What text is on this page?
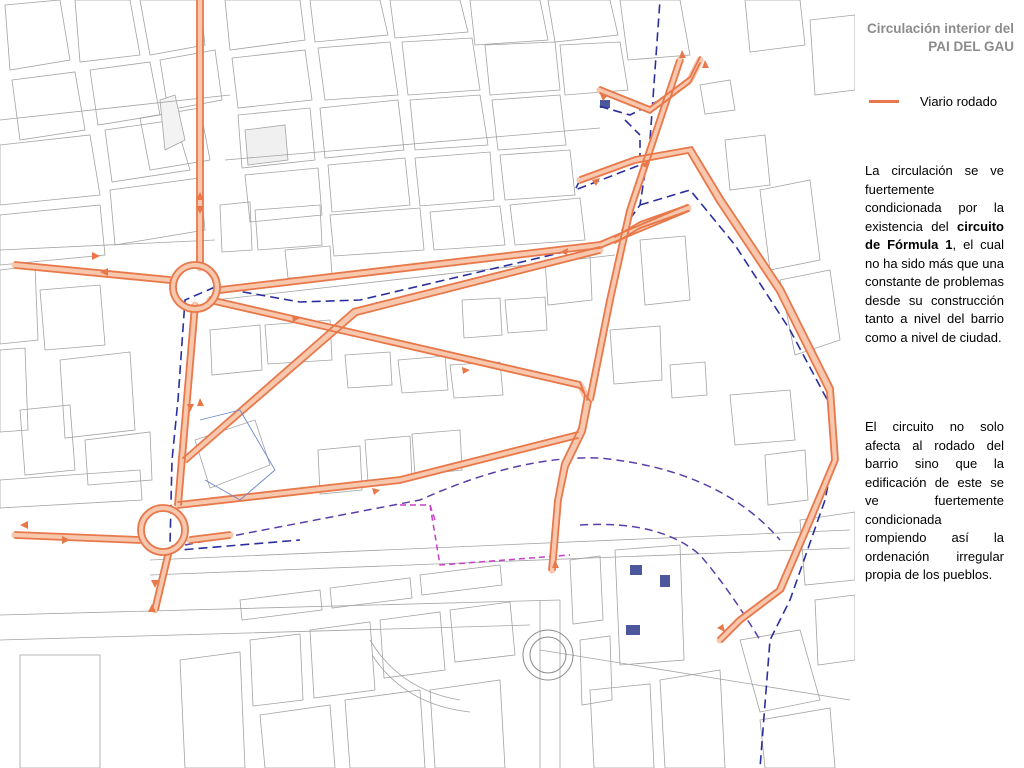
Circulación interior del
PAI DEL GAU
Viario rodado

La circulación se ve fuertemente condicionada por la existencia del circuito de Fórmula 1, el cual no ha sido más que una constante de problemas desde su construcción tanto a nivel del barrio como a nivel de ciudad.

El circuito no solo afecta al rodado del barrio sino que la edificación de este se ve fuertemente condicionada rompiendo así la ordenación irregular propia de los pueblos.
